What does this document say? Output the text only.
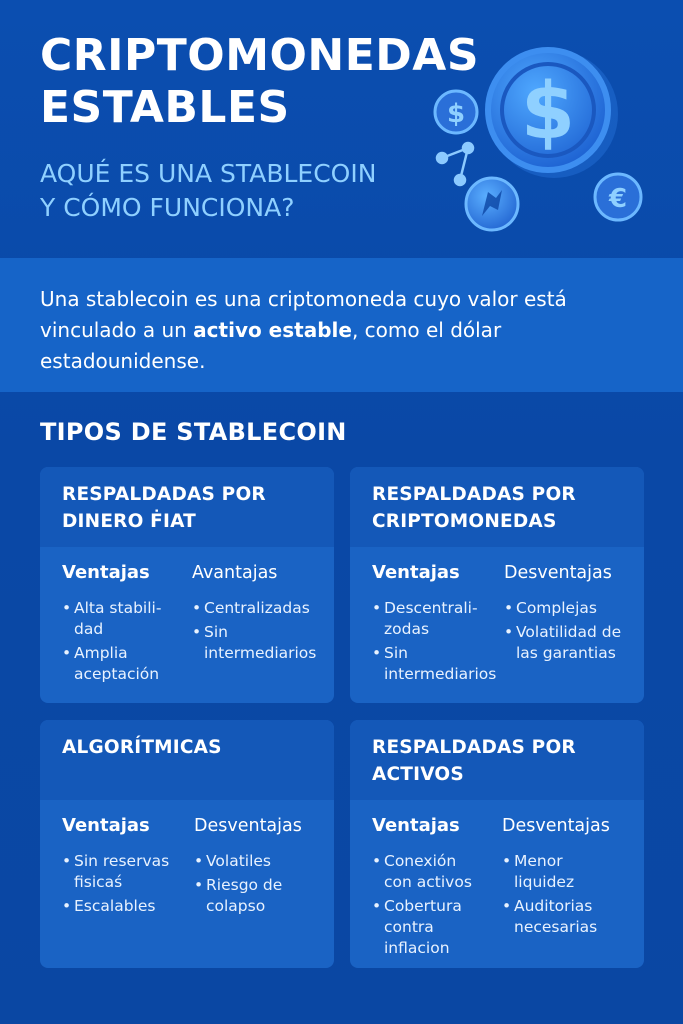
CRIPTOMONEDAS
ESTABLES
AQUÉ ES UNA STABLECOIN
Y CÓMO FUNCIONA?
$ $
€

Una stablecoin es una criptomoneda cuyo valor está vinculado a un activo estable, como el dólar estadounidense.

TIPOS DE STABLECOIN
RESPALDADAS POR
DINERO ḞIAT
Ventajas
• Alta stabili-
dad
• Amplia
aceptación
Avantajas
• Centralizadas
• Sin
intermediarios
RESPALDADAS POR
CRIPTOMONEDAS
Ventajas
• Descentrali-
zodas
• Sin
intermediarios
Desventajas
• Complejas
• Volatilidad de
las garantias
ALGORÍTMICAS
Ventajas
• Sin reservas
fisicaś
• Escalables
Desventajas
• Volatiles
• Riesgo de
colapso
RESPALDADAS POR
ACTIVOS
Ventajas
• Conexión
con activos
• Cobertura
contra
inflacion
Desventajas
• Menor
liquidez
• Auditorias
necesarias
